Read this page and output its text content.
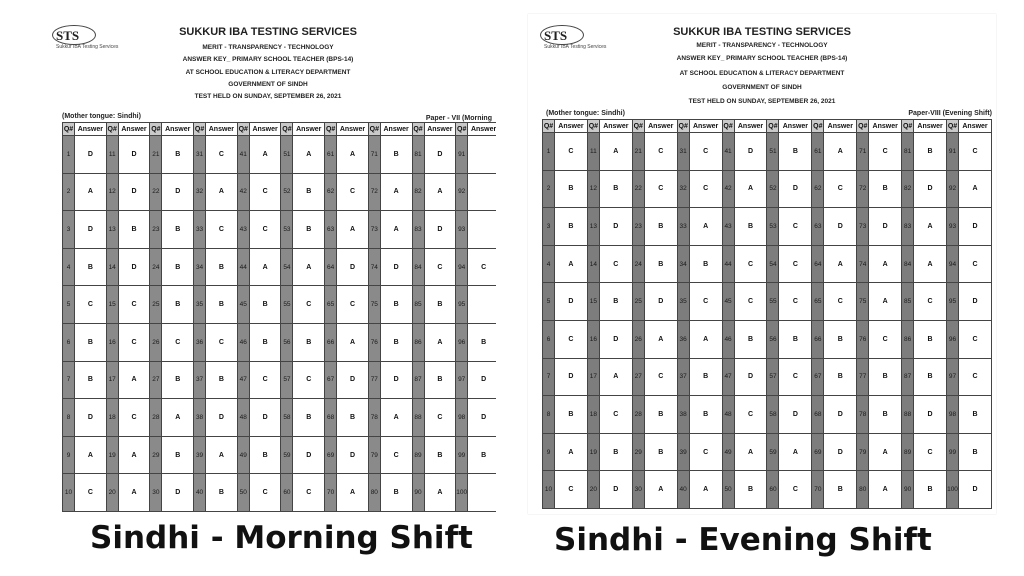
STS
Sukkur IBA Testing Services
SUKKUR IBA TESTING SERVICES
MERIT - TRANSPARENCY - TECHNOLOGY
ANSWER KEY_ PRIMARY SCHOOL TEACHER (BPS-14)
AT SCHOOL EDUCATION & LITERACY DEPARTMENT
GOVERNMENT OF SINDH
TEST HELD ON SUNDAY, SEPTEMBER 26, 2021
(Mother tongue: Sindhi)	Paper - VII (Morning
Q#	Answer	Q#	Answer	Q#	Answer	Q#	Answer	Q#	Answer	Q#	Answer	Q#	Answer	Q#	Answer	Q#	Answer	Q#	Answer
1	D	11	D	21	B	31	C	41	A	51	A	61	A	71	B	81	D	91	
2	A	12	D	22	D	32	A	42	C	52	B	62	C	72	A	82	A	92	
3	D	13	B	23	B	33	C	43	C	53	B	63	A	73	A	83	D	93	
4	B	14	D	24	B	34	B	44	A	54	A	64	D	74	D	84	C	94	C
5	C	15	C	25	B	35	B	45	B	55	C	65	C	75	B	85	B	95	
6	B	16	C	26	C	36	C	46	B	56	B	66	A	76	B	86	A	96	B
7	B	17	A	27	B	37	B	47	C	57	C	67	D	77	D	87	B	97	D
8	D	18	C	28	A	38	D	48	D	58	B	68	B	78	A	88	C	98	D
9	A	19	A	29	B	39	A	49	B	59	D	69	D	79	C	89	B	99	B
10	C	20	A	30	D	40	B	50	C	60	C	70	A	80	B	90	A	100	
STS
Sukkur IBA Testing Services
SUKKUR IBA TESTING SERVICES
MERIT - TRANSPARENCY - TECHNOLOGY
ANSWER KEY_ PRIMARY SCHOOL TEACHER (BPS-14)
AT SCHOOL EDUCATION & LITERACY DEPARTMENT
GOVERNMENT OF SINDH
TEST HELD ON SUNDAY, SEPTEMBER 26, 2021
(Mother tongue: Sindhi)	Paper-VIII (Evening Shift)
Q#	Answer	Q#	Answer	Q#	Answer	Q#	Answer	Q#	Answer	Q#	Answer	Q#	Answer	Q#	Answer	Q#	Answer	Q#	Answer
1	C	11	A	21	C	31	C	41	D	51	B	61	A	71	C	81	B	91	C
2	B	12	B	22	C	32	C	42	A	52	D	62	C	72	B	82	D	92	A
3	B	13	D	23	B	33	A	43	B	53	C	63	D	73	D	83	A	93	D
4	A	14	C	24	B	34	B	44	C	54	C	64	A	74	A	84	A	94	C
5	D	15	B	25	D	35	C	45	C	55	C	65	C	75	A	85	C	95	D
6	C	16	D	26	A	36	A	46	B	56	B	66	B	76	C	86	B	96	C
7	D	17	A	27	C	37	B	47	D	57	C	67	B	77	B	87	B	97	C
8	B	18	C	28	B	38	B	48	C	58	D	68	D	78	B	88	D	98	B
9	A	19	B	29	B	39	C	49	A	59	A	69	D	79	A	89	C	99	B
10	C	20	D	30	A	40	A	50	B	60	C	70	B	80	A	90	B	100	D
Sindhi - Morning Shift	Sindhi - Evening Shift
